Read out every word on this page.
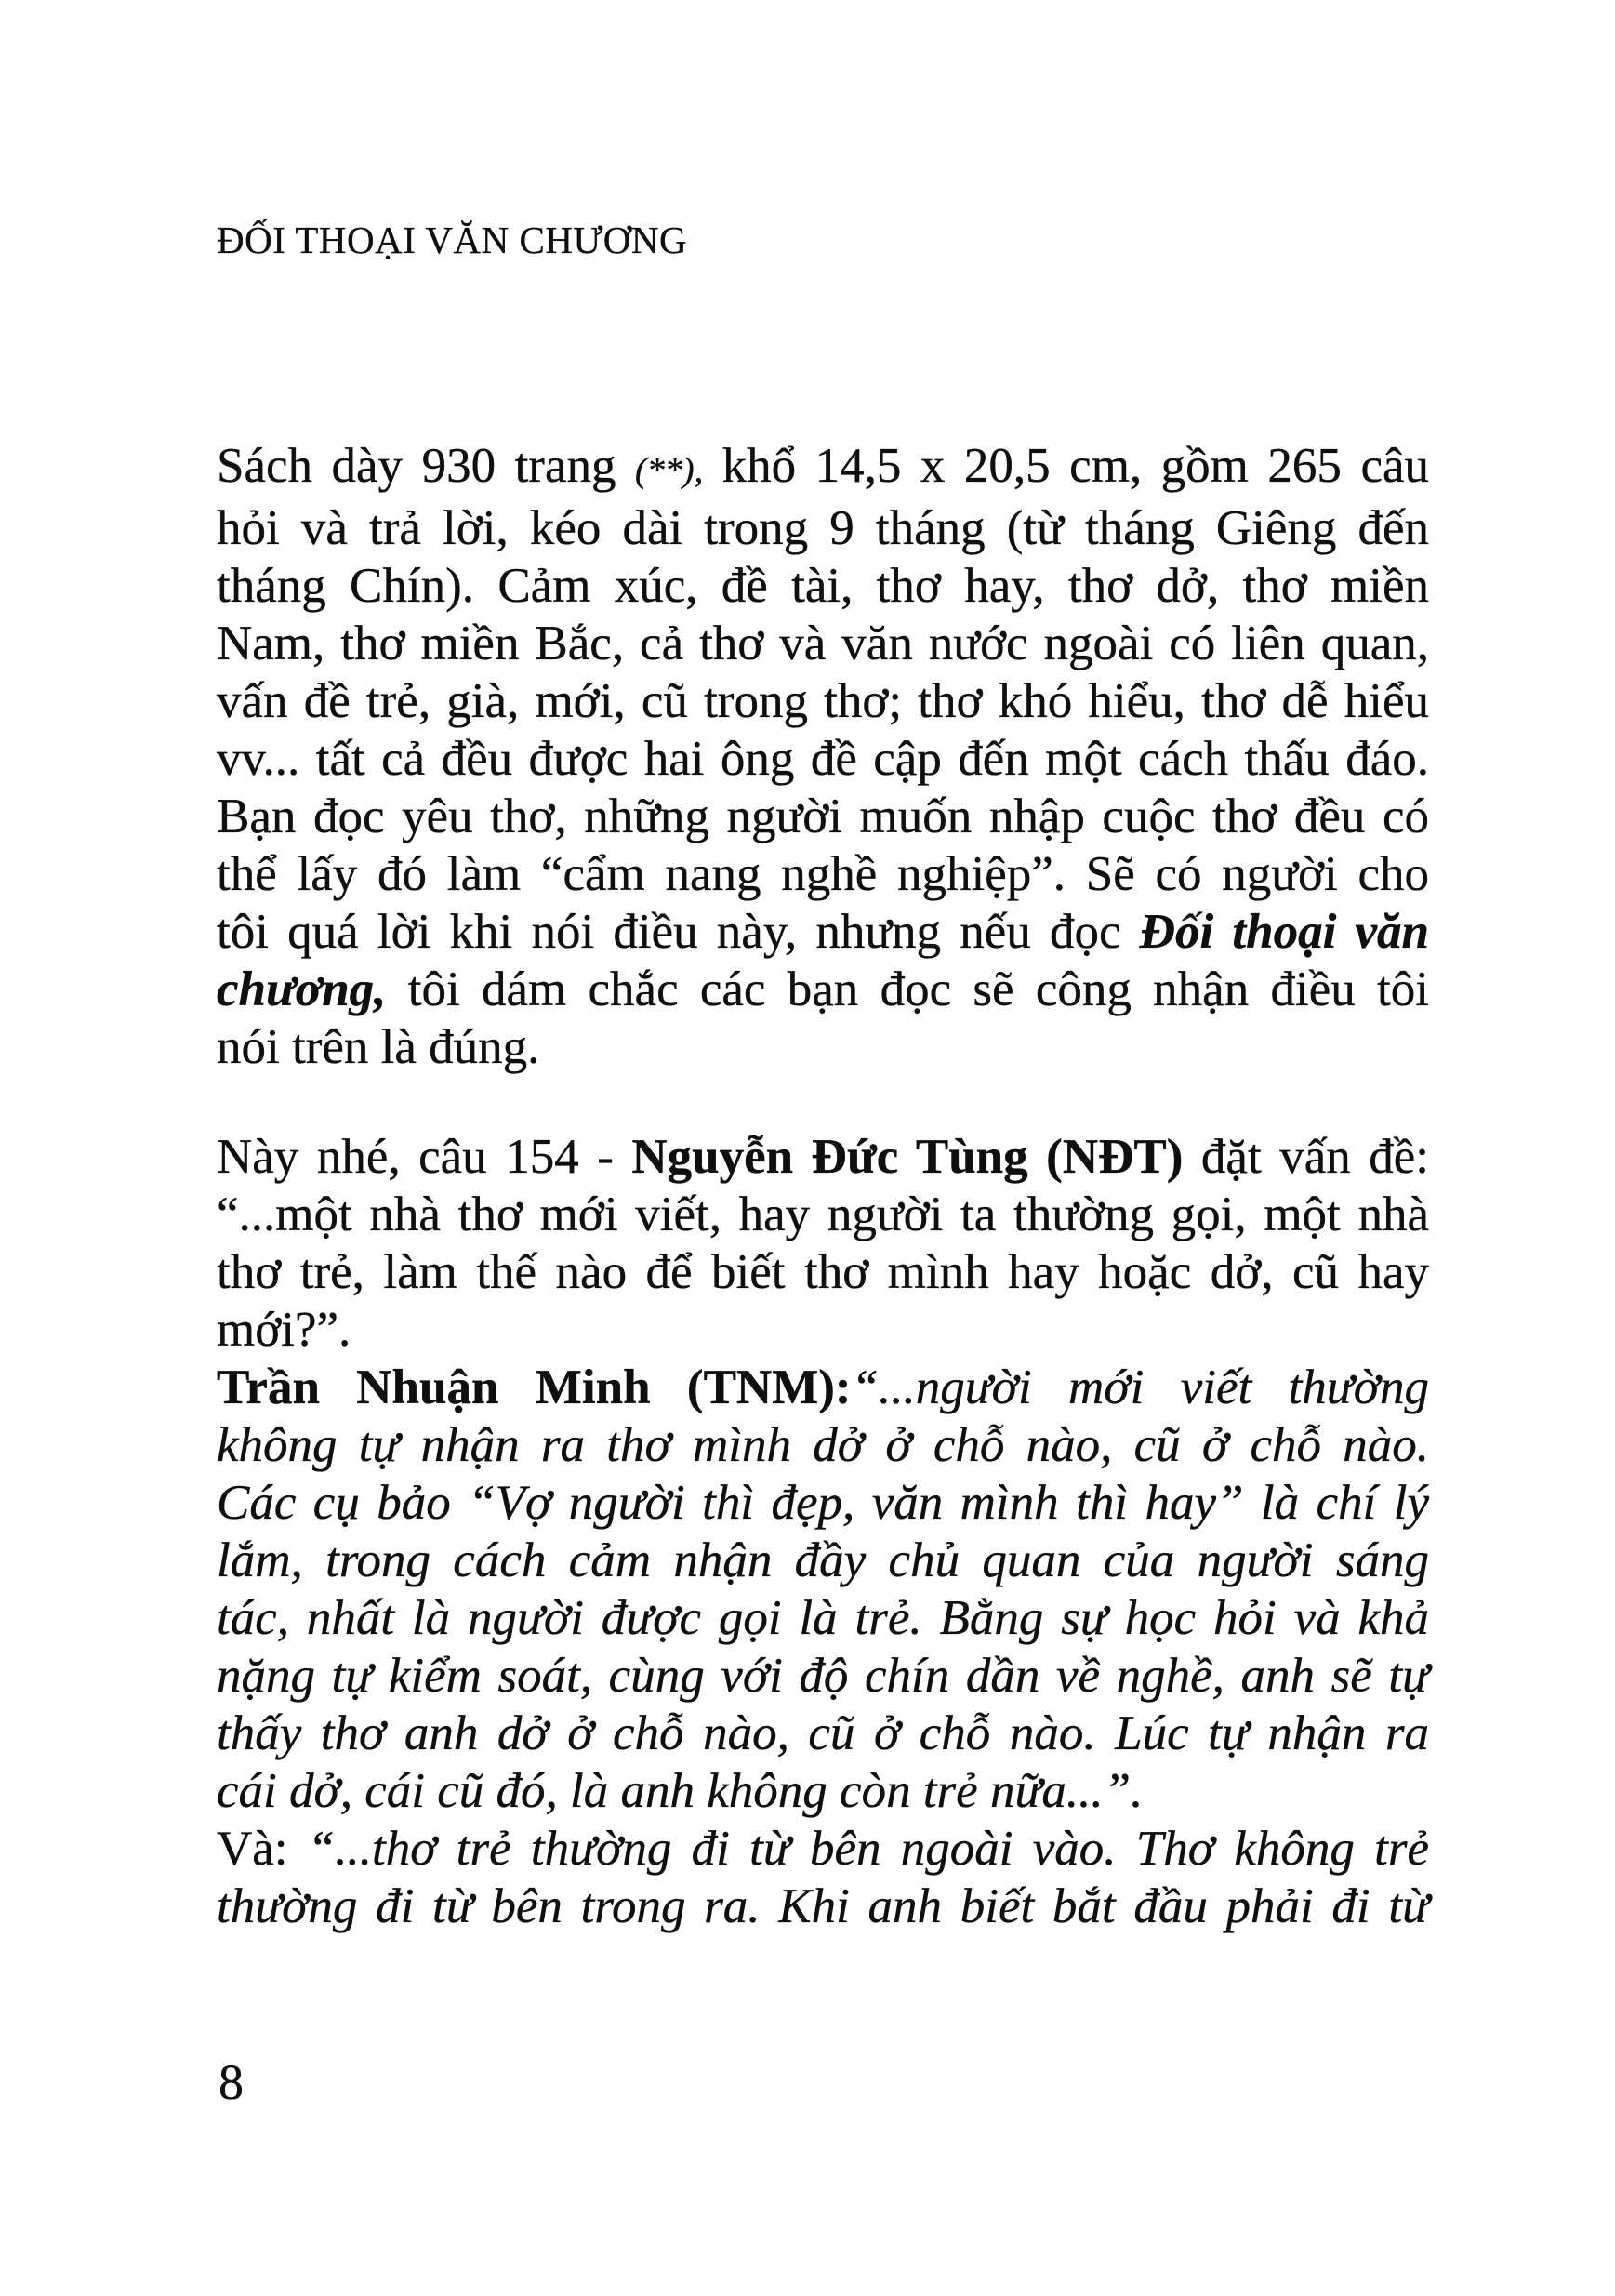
ĐỐI THOẠI VĂN CHƯƠNG
Sách dày 930 trang (**), khổ 14,5 x 20,5 cm, gồm 265 câu
hỏi và trả lời, kéo dài trong 9 tháng (từ tháng Giêng đến
tháng Chín). Cảm xúc, đề tài, thơ hay, thơ dở, thơ miền
Nam, thơ miền Bắc, cả thơ và văn nước ngoài có liên quan,
vấn đề trẻ, già, mới, cũ trong thơ; thơ khó hiểu, thơ dễ hiểu
vv... tất cả đều được hai ông đề cập đến một cách thấu đáo.
Bạn đọc yêu thơ, những người muốn nhập cuộc thơ đều có
thể lấy đó làm “cẩm nang nghề nghiệp”. Sẽ có người cho
tôi quá lời khi nói điều này, nhưng nếu đọc Đối thoại văn
chương, tôi dám chắc các bạn đọc sẽ công nhận điều tôi
nói trên là đúng.
Này nhé, câu 154 - Nguyễn Đức Tùng (NĐT) đặt vấn đề:
“...một nhà thơ mới viết, hay người ta thường gọi, một nhà
thơ trẻ, làm thế nào để biết thơ mình hay hoặc dở, cũ hay
mới?”.
Trần Nhuận Minh (TNM):“...người mới viết thường
không tự nhận ra thơ mình dở ở chỗ nào, cũ ở chỗ nào.
Các cụ bảo “Vợ người thì đẹp, văn mình thì hay” là chí lý
lắm, trong cách cảm nhận đầy chủ quan của người sáng
tác, nhất là người được gọi là trẻ. Bằng sự học hỏi và khả
nặng tự kiểm soát, cùng với độ chín dần về nghề, anh sẽ tự
thấy thơ anh dở ở chỗ nào, cũ ở chỗ nào. Lúc tự nhận ra
cái dở, cái cũ đó, là anh không còn trẻ nữa...”.
Và: “...thơ trẻ thường đi từ bên ngoài vào. Thơ không trẻ
thường đi từ bên trong ra. Khi anh biết bắt đầu phải đi từ
8
